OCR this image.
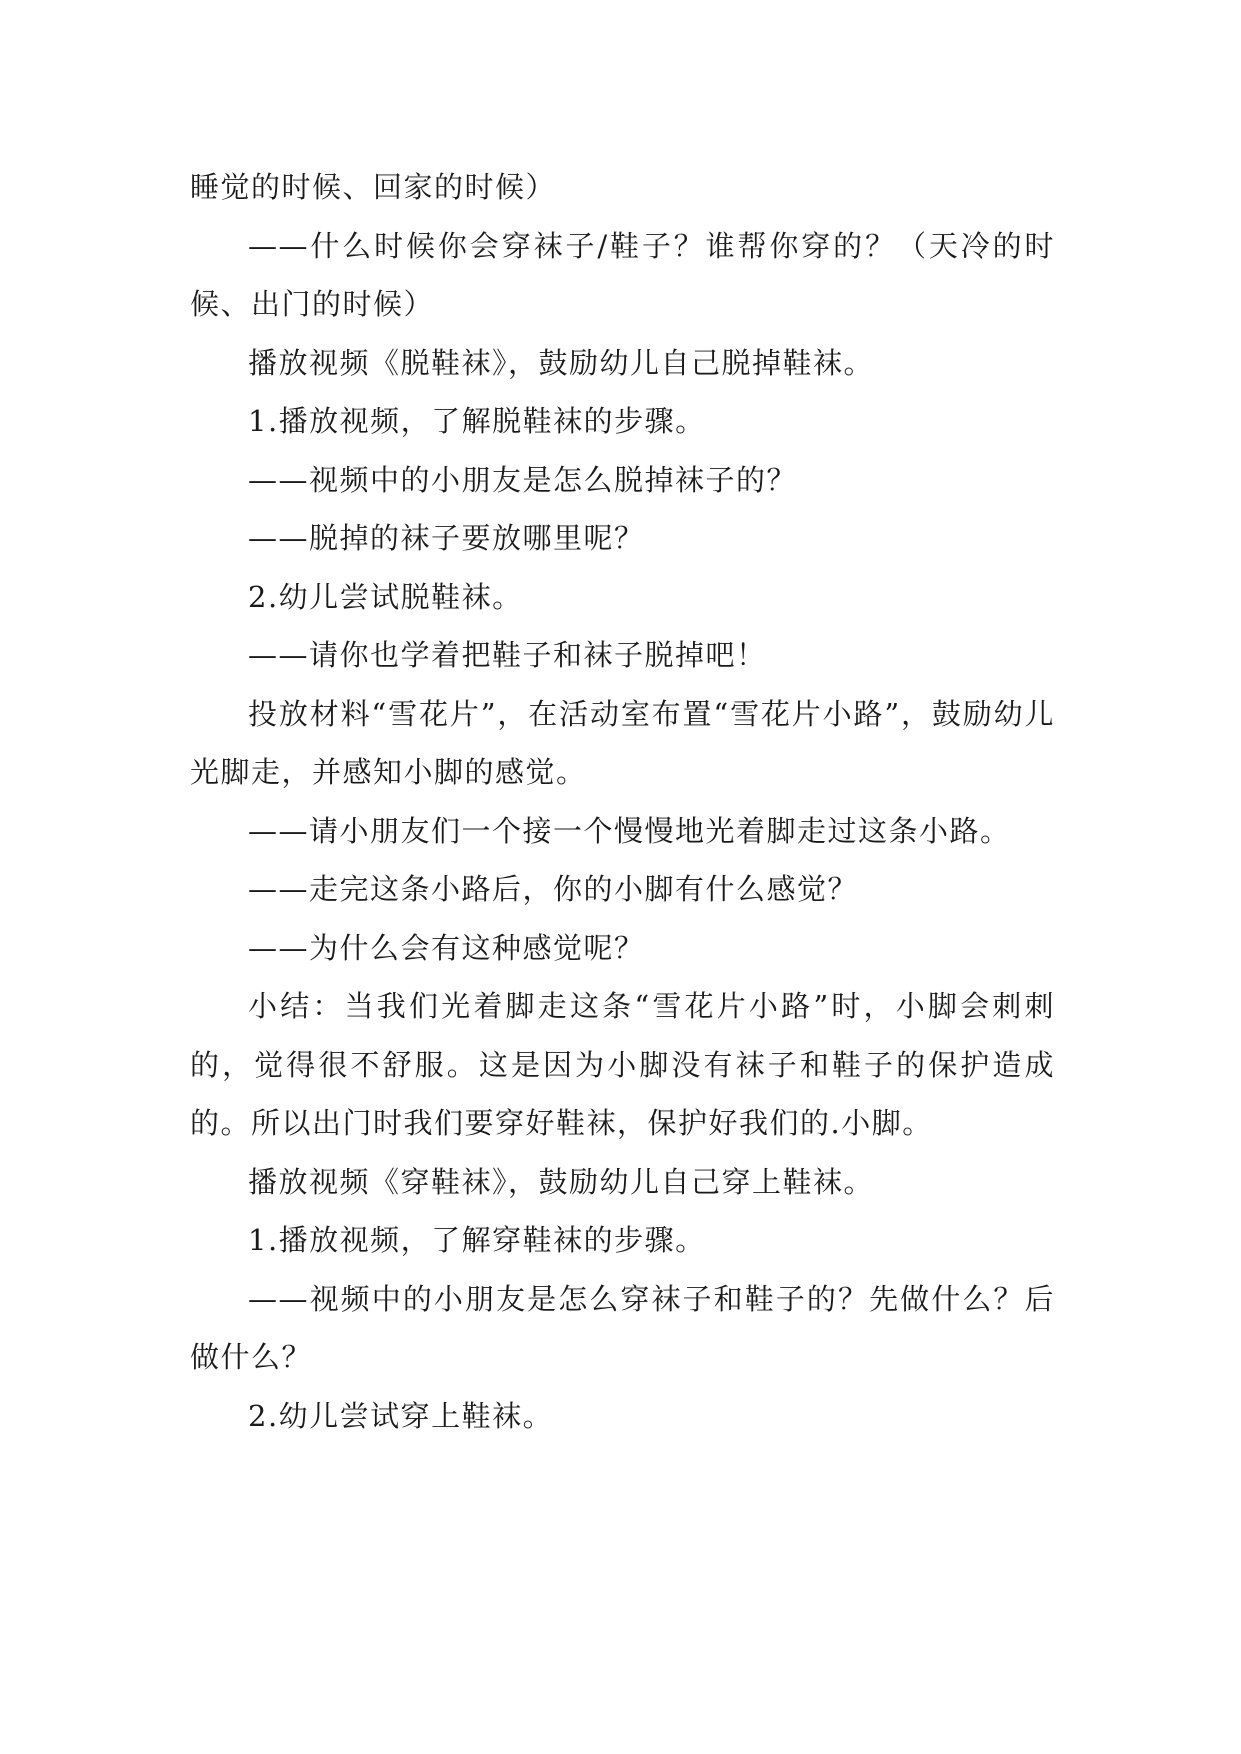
睡觉的时候、回家的时候）

——什么时候你会穿袜子/鞋子？谁帮你穿的？（天冷的时候、出门的时候）

播放视频《脱鞋袜》，鼓励幼儿自己脱掉鞋袜。

1.播放视频，了解脱鞋袜的步骤。

——视频中的小朋友是怎么脱掉袜子的？

——脱掉的袜子要放哪里呢？

2.幼儿尝试脱鞋袜。

——请你也学着把鞋子和袜子脱掉吧！

投放材料“雪花片”，在活动室布置“雪花片小路”，鼓励幼儿光脚走，并感知小脚的感觉。

——请小朋友们一个接一个慢慢地光着脚走过这条小路。

——走完这条小路后，你的小脚有什么感觉？

——为什么会有这种感觉呢？

小结：当我们光着脚走这条“雪花片小路”时，小脚会刺刺的，觉得很不舒服。这是因为小脚没有袜子和鞋子的保护造成的。所以出门时我们要穿好鞋袜，保护好我们的.小脚。

播放视频《穿鞋袜》，鼓励幼儿自己穿上鞋袜。

1.播放视频，了解穿鞋袜的步骤。

——视频中的小朋友是怎么穿袜子和鞋子的？先做什么？后做什么？

2.幼儿尝试穿上鞋袜。
